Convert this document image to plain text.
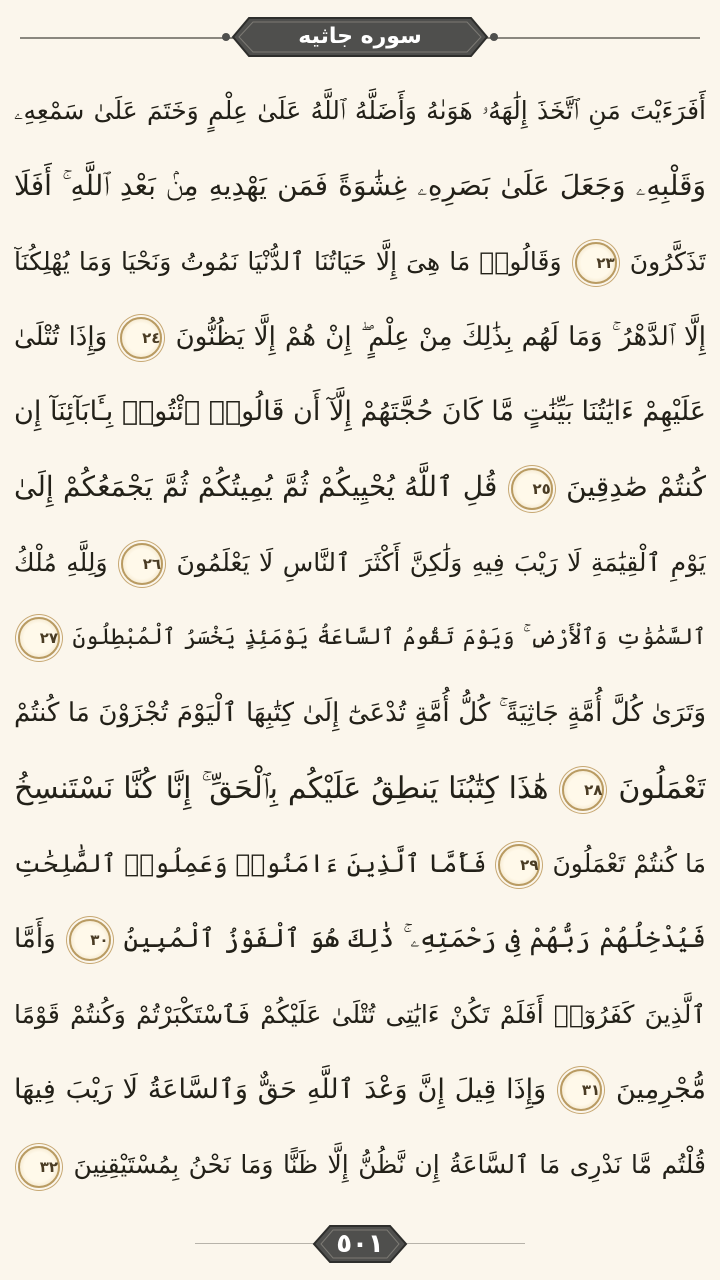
سوره جاثیه
أَفَرَءَيْتَ مَنِ ٱتَّخَذَ إِلَٰهَهُۥ هَوَىٰهُ وَأَضَلَّهُ ٱللَّهُ عَلَىٰ عِلْمٍ وَخَتَمَ عَلَىٰ سَمْعِهِۦ
وَقَلْبِهِۦ وَجَعَلَ عَلَىٰ بَصَرِهِۦ غِشَٰوَةً فَمَن يَهْدِيهِ مِنۢ بَعْدِ ٱللَّهِ ۚ أَفَلَا
تَذَكَّرُونَ ٢٣ وَقَالُوا۟ مَا هِىَ إِلَّا حَيَاتُنَا ٱلدُّنْيَا نَمُوتُ وَنَحْيَا وَمَا يُهْلِكُنَآ
إِلَّا ٱلدَّهْرُ ۚ وَمَا لَهُم بِذَٰلِكَ مِنْ عِلْمٍ ۖ إِنْ هُمْ إِلَّا يَظُنُّونَ ٢٤ وَإِذَا تُتْلَىٰ
عَلَيْهِمْ ءَايَٰتُنَا بَيِّنَٰتٍ مَّا كَانَ حُجَّتَهُمْ إِلَّآ أَن قَالُوا۟ ٱئْتُوا۟ بِـَٔابَآئِنَآ إِن
كُنتُمْ صَٰدِقِينَ ٢٥ قُلِ ٱللَّهُ يُحْيِيكُمْ ثُمَّ يُمِيتُكُمْ ثُمَّ يَجْمَعُكُمْ إِلَىٰ
يَوْمِ ٱلْقِيَٰمَةِ لَا رَيْبَ فِيهِ وَلَٰكِنَّ أَكْثَرَ ٱلنَّاسِ لَا يَعْلَمُونَ ٢٦ وَلِلَّهِ مُلْكُ
ٱلسَّمَٰوَٰتِ وَٱلْأَرْضِ ۚ وَيَوْمَ تَقُومُ ٱلسَّاعَةُ يَوْمَئِذٍ يَخْسَرُ ٱلْمُبْطِلُونَ ٢٧
وَتَرَىٰ كُلَّ أُمَّةٍ جَاثِيَةً ۚ كُلُّ أُمَّةٍ تُدْعَىٰٓ إِلَىٰ كِتَٰبِهَا ٱلْيَوْمَ تُجْزَوْنَ مَا كُنتُمْ
تَعْمَلُونَ ٢٨ هَٰذَا كِتَٰبُنَا يَنطِقُ عَلَيْكُم بِٱلْحَقِّ ۚ إِنَّا كُنَّا نَسْتَنسِخُ
مَا كُنتُمْ تَعْمَلُونَ ٢٩ فَأَمَّا ٱلَّذِينَ ءَامَنُوا۟ وَعَمِلُوا۟ ٱلصَّٰلِحَٰتِ
فَيُدْخِلُهُمْ رَبُّهُمْ فِى رَحْمَتِهِۦ ۚ ذَٰلِكَ هُوَ ٱلْفَوْزُ ٱلْمُبِينُ ٣٠ وَأَمَّا
ٱلَّذِينَ كَفَرُوٓا۟ أَفَلَمْ تَكُنْ ءَايَٰتِى تُتْلَىٰ عَلَيْكُمْ فَٱسْتَكْبَرْتُمْ وَكُنتُمْ قَوْمًا
مُّجْرِمِينَ ٣١ وَإِذَا قِيلَ إِنَّ وَعْدَ ٱللَّهِ حَقٌّ وَٱلسَّاعَةُ لَا رَيْبَ فِيهَا
قُلْتُم مَّا نَدْرِى مَا ٱلسَّاعَةُ إِن نَّظُنُّ إِلَّا ظَنًّا وَمَا نَحْنُ بِمُسْتَيْقِنِينَ ٣٢
٥٠١
